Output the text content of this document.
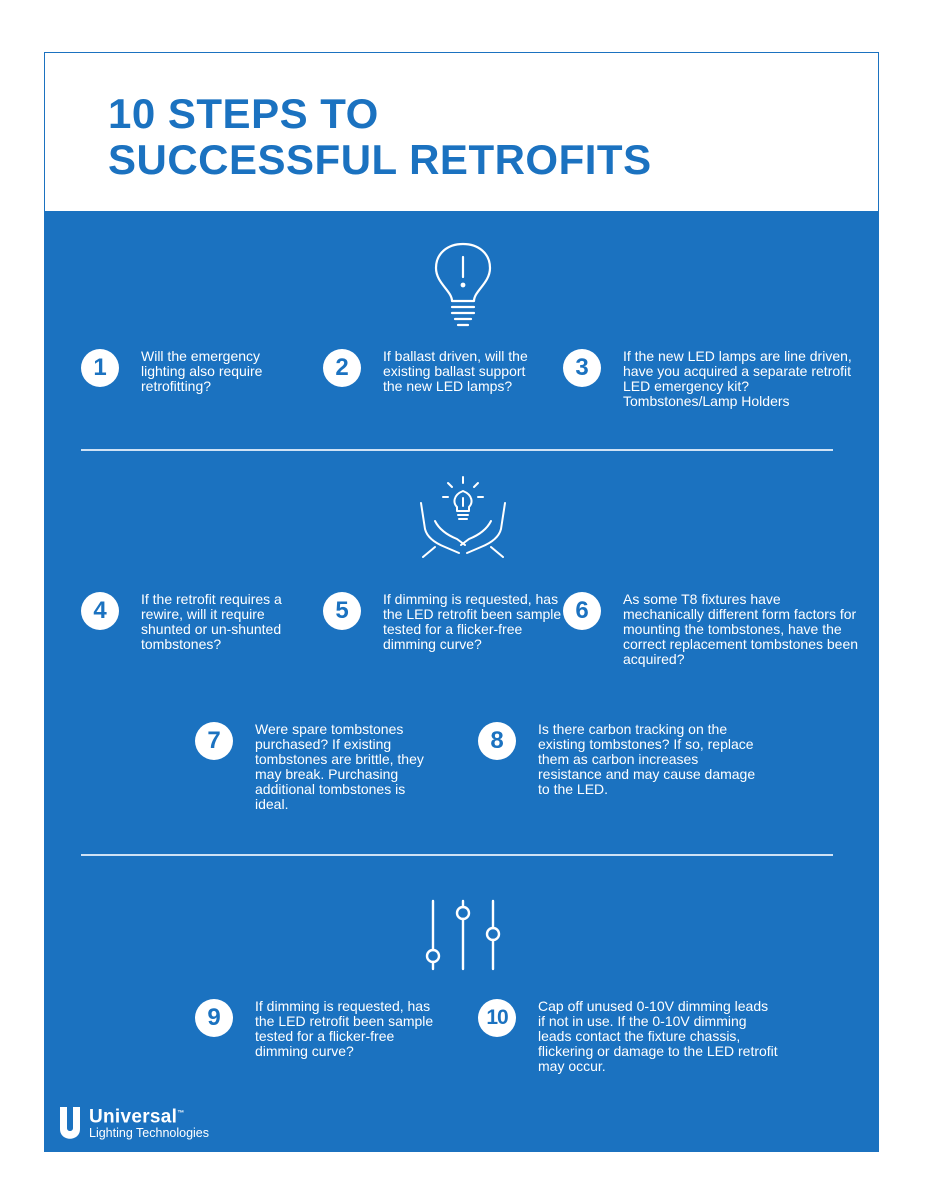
10 STEPS TO
SUCCESSFUL RETROFITS
1	Will the emergency lighting also require retrofitting?
2	If ballast driven, will the existing ballast support the new LED lamps?
3	If the new LED lamps are line driven, have you acquired a separate retrofit LED emergency kit? Tombstones/Lamp Holders
4	If the retrofit requires a rewire, will it require shunted or un-shunted tombstones?
5	If dimming is requested, has the LED retrofit been sample tested for a flicker-free dimming curve?
6	As some T8 fixtures have mechanically different form factors for mounting the tombstones, have the correct replacement tombstones been acquired?
7	Were spare tombstones purchased? If existing tombstones are brittle, they may break. Purchasing additional tombstones is ideal.
8	Is there carbon tracking on the existing tombstones? If so, replace them as carbon increases resistance and may cause damage to the LED.
9	If dimming is requested, has the LED retrofit been sample tested for a flicker-free dimming curve?
10	Cap off unused 0-10V dimming leads if not in use. If the 0-10V dimming leads contact the fixture chassis, flickering or damage to the LED retrofit may occur.
Universal™
Lighting Technologies
